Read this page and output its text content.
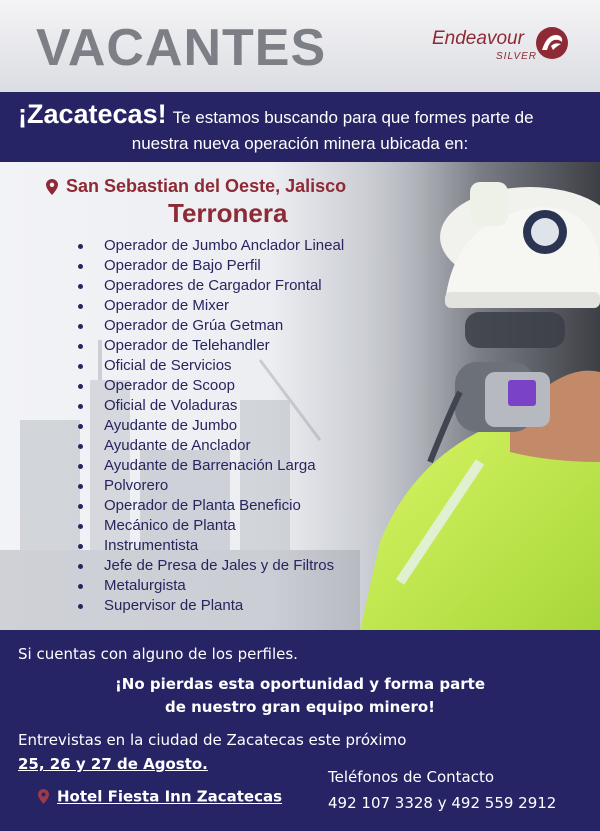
VACANTES	Endeavour
SILVER
¡Zacatecas! Te estamos buscando para que formes parte de
nuestra nueva operación minera ubicada en:
San Sebastian del Oeste, Jalisco
Terronera
Operador de Jumbo Anclador Lineal
Operador de Bajo Perfil
Operadores de Cargador Frontal
Operador de Mixer
Operador de Grúa Getman
Operador de Telehandler
Oficial de Servicios
Operador de Scoop
Oficial de Voladuras
Ayudante de Jumbo
Ayudante de Anclador
Ayudante de Barrenación Larga
Polvorero
Operador de Planta Beneficio
Mecánico de Planta
Instrumentista
Jefe de Presa de Jales y de Filtros
Metalurgista
Supervisor de Planta
Si cuentas con alguno de los perfiles.
¡No pierdas esta oportunidad y forma parte
de nuestro gran equipo minero!
Entrevistas en la ciudad de Zacatecas este próximo
25, 26 y 27 de Agosto.
Teléfonos de Contacto
492 107 3328 y 492 559 2912
Hotel Fiesta Inn Zacatecas
